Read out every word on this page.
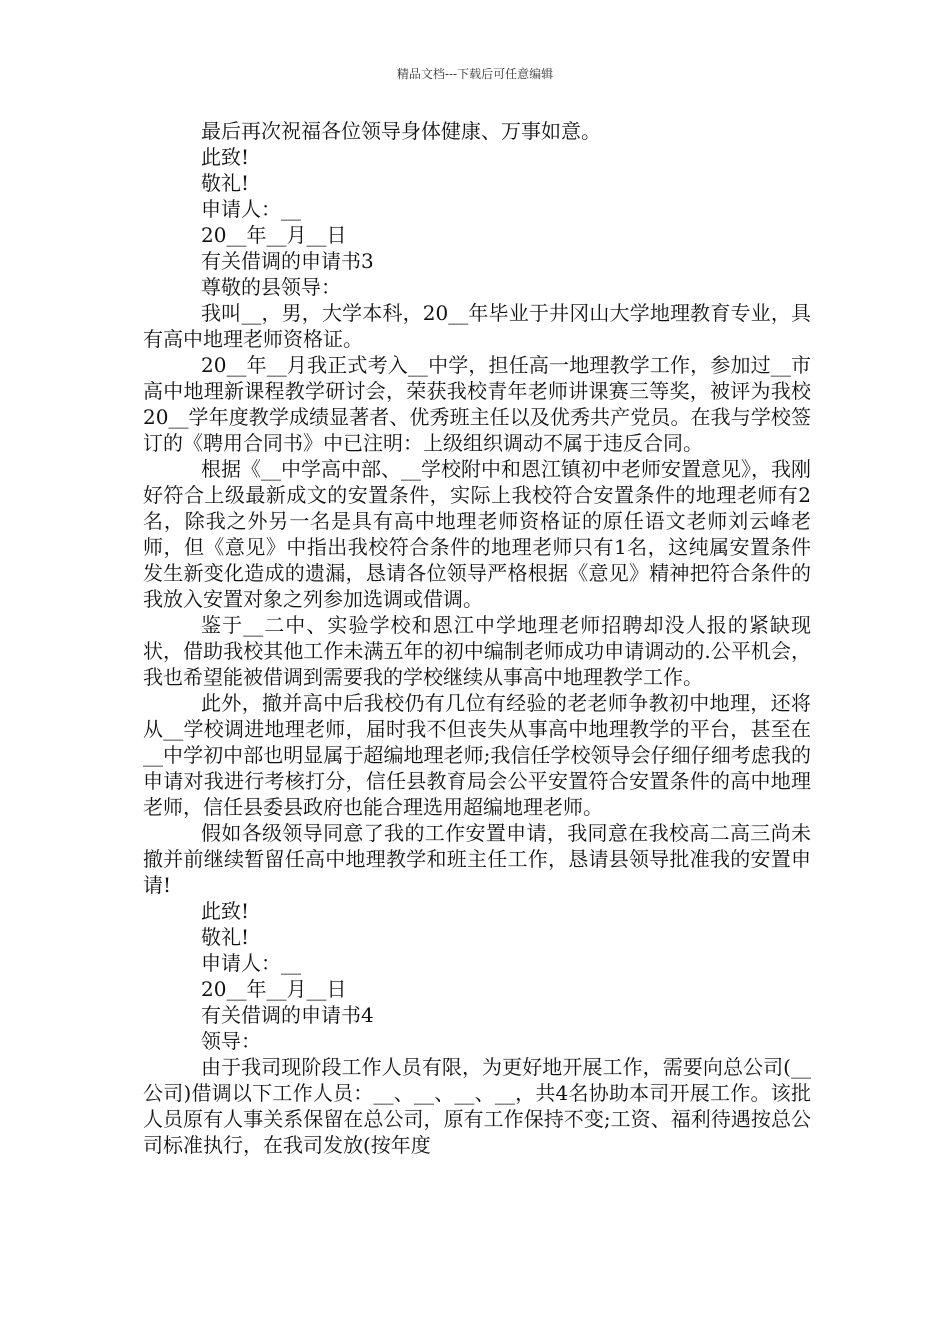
精品文档---下载后可任意编辑
最后再次祝福各位领导身体健康、万事如意。
此致!
敬礼!
申请人：__
20__年__月__日
有关借调的申请书3
尊敬的县领导：
我叫__，男，大学本科，20__年毕业于井冈山大学地理教育专业，具有高中地理老师资格证。
20__年__月我正式考入__中学，担任高一地理教学工作，参加过__市高中地理新课程教学研讨会，荣获我校青年老师讲课赛三等奖，被评为我校20__学年度教学成绩显著者、优秀班主任以及优秀共产党员。在我与学校签订的《聘用合同书》中已注明：上级组织调动不属于违反合同。
根据《__中学高中部、__学校附中和恩江镇初中老师安置意见》，我刚好符合上级最新成文的安置条件，实际上我校符合安置条件的地理老师有2名，除我之外另一名是具有高中地理老师资格证的原任语文老师刘云峰老师，但《意见》中指出我校符合条件的地理老师只有1名，这纯属安置条件发生新变化造成的遗漏，恳请各位领导严格根据《意见》精神把符合条件的我放入安置对象之列参加选调或借调。
鉴于__二中、实验学校和恩江中学地理老师招聘却没人报的紧缺现状，借助我校其他工作未满五年的初中编制老师成功申请调动的.公平机会，我也希望能被借调到需要我的学校继续从事高中地理教学工作。
此外，撤并高中后我校仍有几位有经验的老老师争教初中地理，还将从__学校调进地理老师，届时我不但丧失从事高中地理教学的平台，甚至在__中学初中部也明显属于超编地理老师;我信任学校领导会仔细仔细考虑我的申请对我进行考核打分，信任县教育局会公平安置符合安置条件的高中地理老师，信任县委县政府也能合理选用超编地理老师。
假如各级领导同意了我的工作安置申请，我同意在我校高二高三尚未撤并前继续暂留任高中地理教学和班主任工作，恳请县领导批准我的安置申请!
此致!
敬礼!
申请人：__
20__年__月__日
有关借调的申请书4
领导：
由于我司现阶段工作人员有限，为更好地开展工作，需要向总公司(__公司)借调以下工作人员：__、__、__、__，共4名协助本司开展工作。该批人员原有人事关系保留在总公司，原有工作保持不变;工资、福利待遇按总公司标准执行，在我司发放(按年度
